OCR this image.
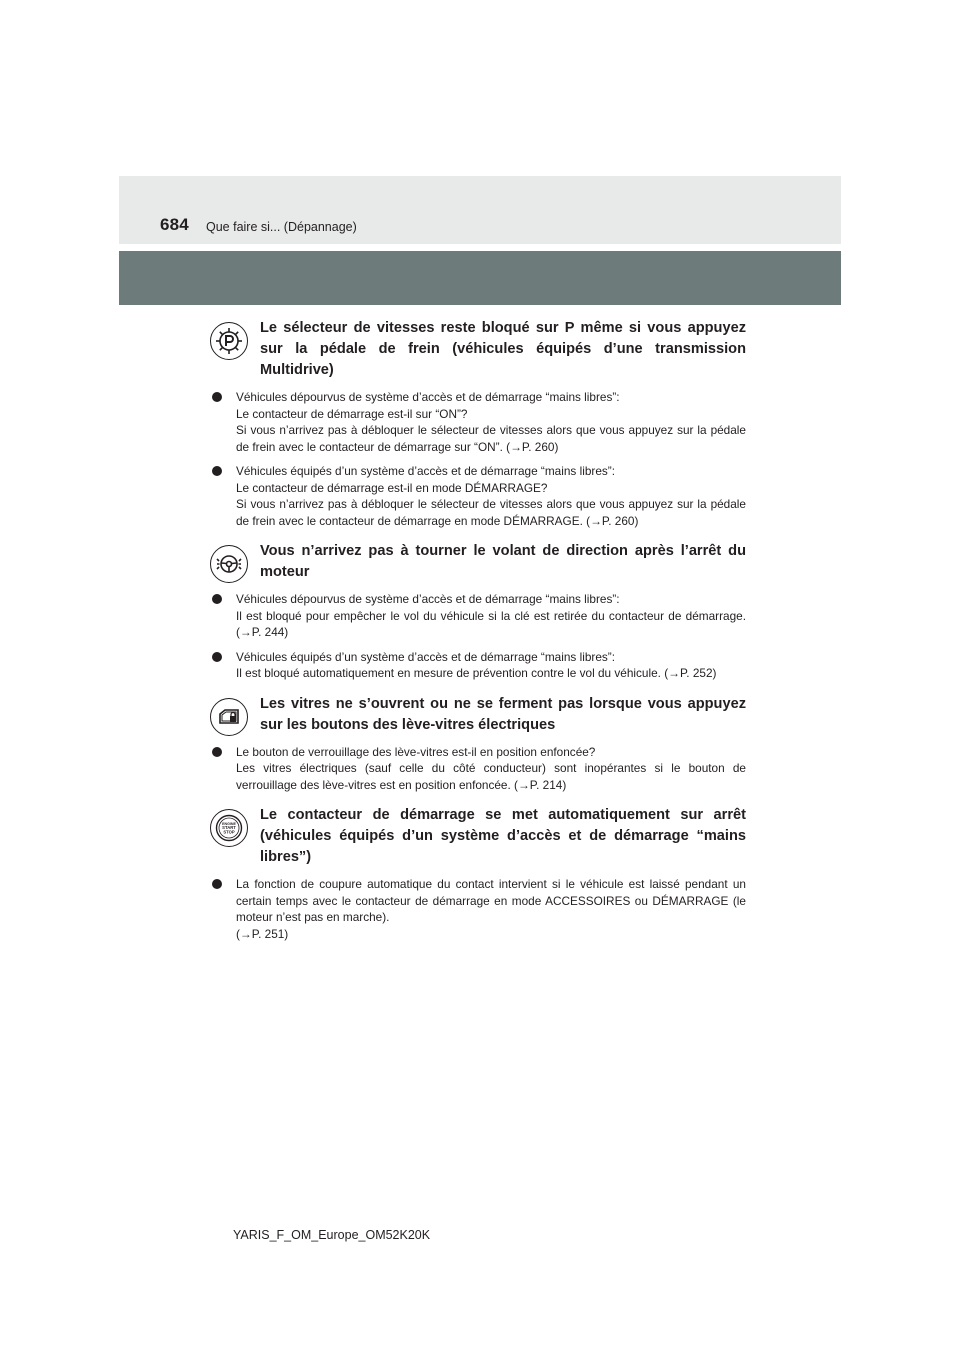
684 Que faire si... (Dépannage)
Le sélecteur de vitesses reste bloqué sur P même si vous appuyez sur la pédale de frein (véhicules équipés d’une transmission Multidrive)
Véhicules dépourvus de système d’accès et de démarrage “mains libres”:
Le contacteur de démarrage est-il sur “ON”?
Si vous n’arrivez pas à débloquer le sélecteur de vitesses alors que vous appuyez sur la pédale de frein avec le contacteur de démarrage sur “ON”. (→P. 260)
Véhicules équipés d’un système d’accès et de démarrage “mains libres”:
Le contacteur de démarrage est-il en mode DÉMARRAGE?
Si vous n’arrivez pas à débloquer le sélecteur de vitesses alors que vous appuyez sur la pédale de frein avec le contacteur de démarrage en mode DÉMARRAGE. (→P. 260)
Vous n’arrivez pas à tourner le volant de direction après l’arrêt du moteur
Véhicules dépourvus de système d’accès et de démarrage “mains libres”:
Il est bloqué pour empêcher le vol du véhicule si la clé est retirée du contacteur de démarrage. (→P. 244)
Véhicules équipés d’un système d’accès et de démarrage “mains libres”:
Il est bloqué automatiquement en mesure de prévention contre le vol du véhicule. (→P. 252)
Les vitres ne s’ouvrent ou ne se ferment pas lorsque vous appuyez sur les boutons des lève-vitres électriques
Le bouton de verrouillage des lève-vitres est-il en position enfoncée?
Les vitres électriques (sauf celle du côté conducteur) sont inopérantes si le bouton de verrouillage des lève-vitres est en position enfoncée. (→P. 214)
ENGINE
START
STOP
Le contacteur de démarrage se met automatiquement sur arrêt (véhicules équipés d’un système d’accès et de démarrage “mains libres”)
La fonction de coupure automatique du contact intervient si le véhicule est laissé pendant un certain temps avec le contacteur de démarrage en mode ACCESSOIRES ou DÉMARRAGE (le moteur n’est pas en marche).
(→P. 251)
YARIS_F_OM_Europe_OM52K20K
